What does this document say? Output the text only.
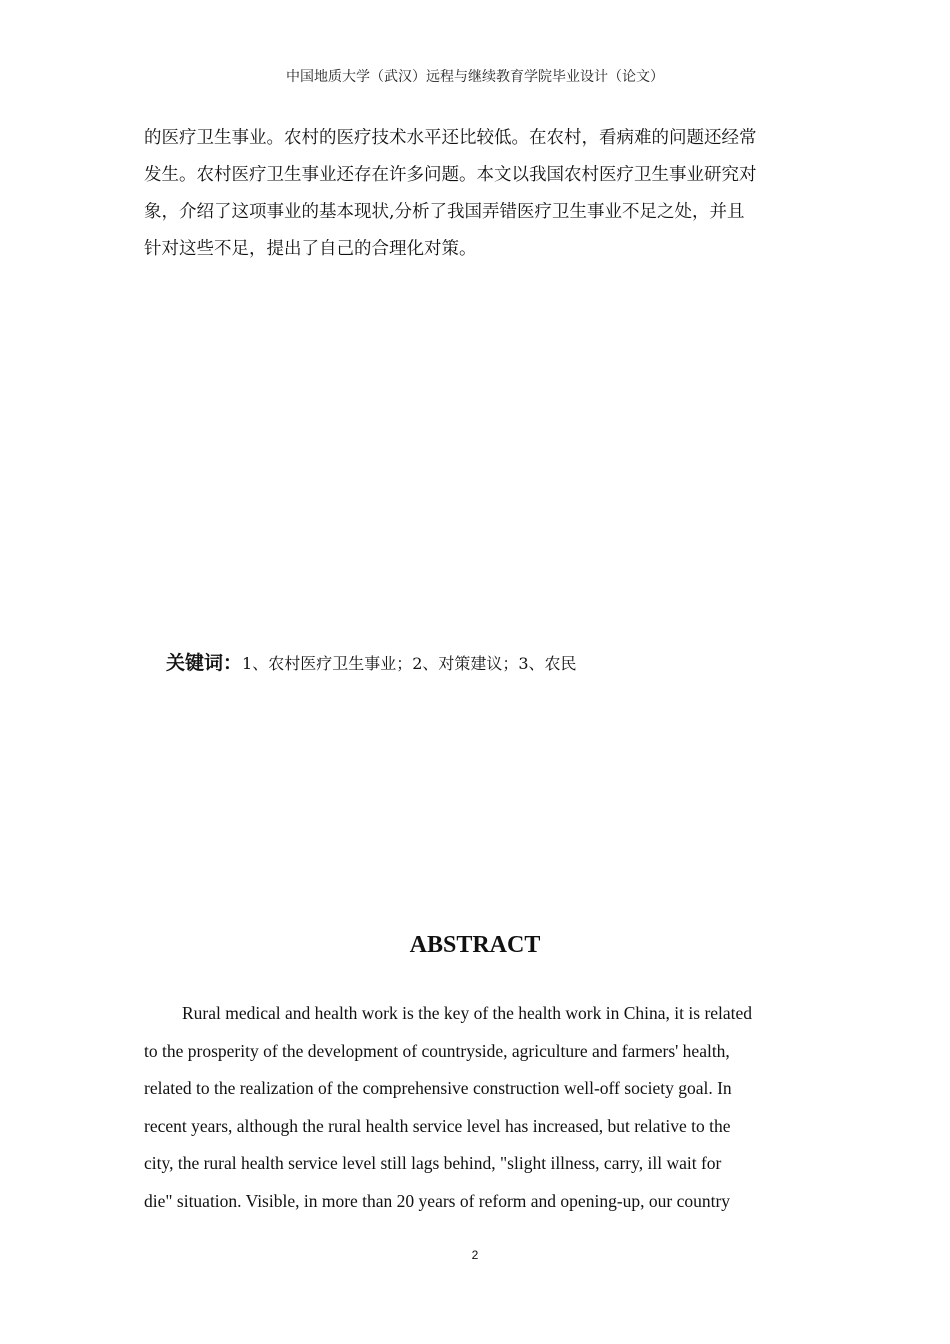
中国地质大学（武汉）远程与继续教育学院毕业设计（论文）

的医疗卫生事业。农村的医疗技术水平还比较低。在农村，看病难的问题还经常
发生。农村医疗卫生事业还存在许多问题。本文以我国农村医疗卫生事业研究对
象，介绍了这项事业的基本现状,分析了我国弄错医疗卫生事业不足之处，并且
针对这些不足，提出了自己的合理化对策。

关键词：1、农村医疗卫生事业；2、对策建议；3、农民
ABSTRACT
Rural medical and health work is the key of the health work in China, it is related
to the prosperity of the development of countryside, agriculture and farmers' health,
related to the realization of the comprehensive construction well-off society goal. In
recent years, although the rural health service level has increased, but relative to the
city, the rural health service level still lags behind, "slight illness, carry, ill wait for
die" situation. Visible, in more than 20 years of reform and opening-up, our country
2
